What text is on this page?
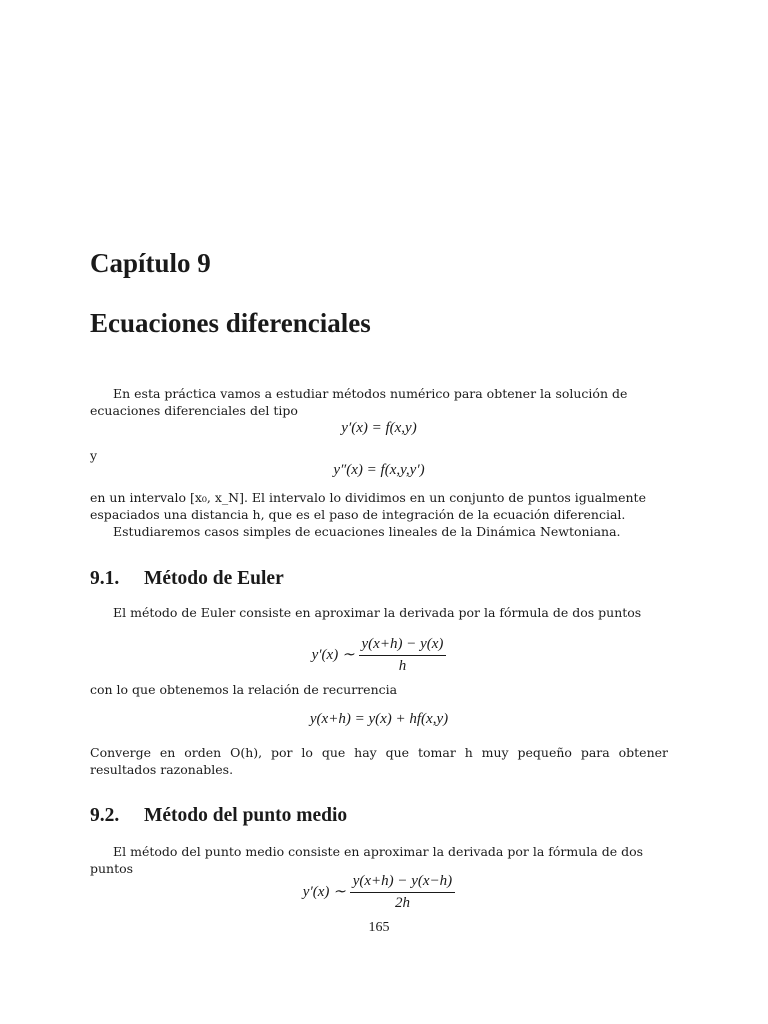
Capítulo 9
Ecuaciones diferenciales
En esta práctica vamos a estudiar métodos numérico para obtener la solución de ecuaciones diferenciales del tipo
y′(x) = f(x,y)
y
y″(x) = f(x,y,y′)
en un intervalo [x₀, x_N]. El intervalo lo dividimos en un conjunto de puntos igualmente espaciados una distancia h, que es el paso de integración de la ecuación diferencial.
Estudiaremos casos simples de ecuaciones lineales de la Dinámica Newtoniana.
9.1. Método de Euler
El método de Euler consiste en aproximar la derivada por la fórmula de dos puntos
y′(x) ∼ $\frac{y(x+h) - y(x)}{h}$
con lo que obtenemos la relación de recurrencia
y(x+h) = y(x) + hf(x,y)
Converge en orden O(h), por lo que hay que tomar h muy pequeño para obtener resultados razonables.
9.2. Método del punto medio
El método del punto medio consiste en aproximar la derivada por la fórmula de dos puntos
y′(x) ∼ $\frac{y(x+h) - y(x-h)}{2h}$
165
